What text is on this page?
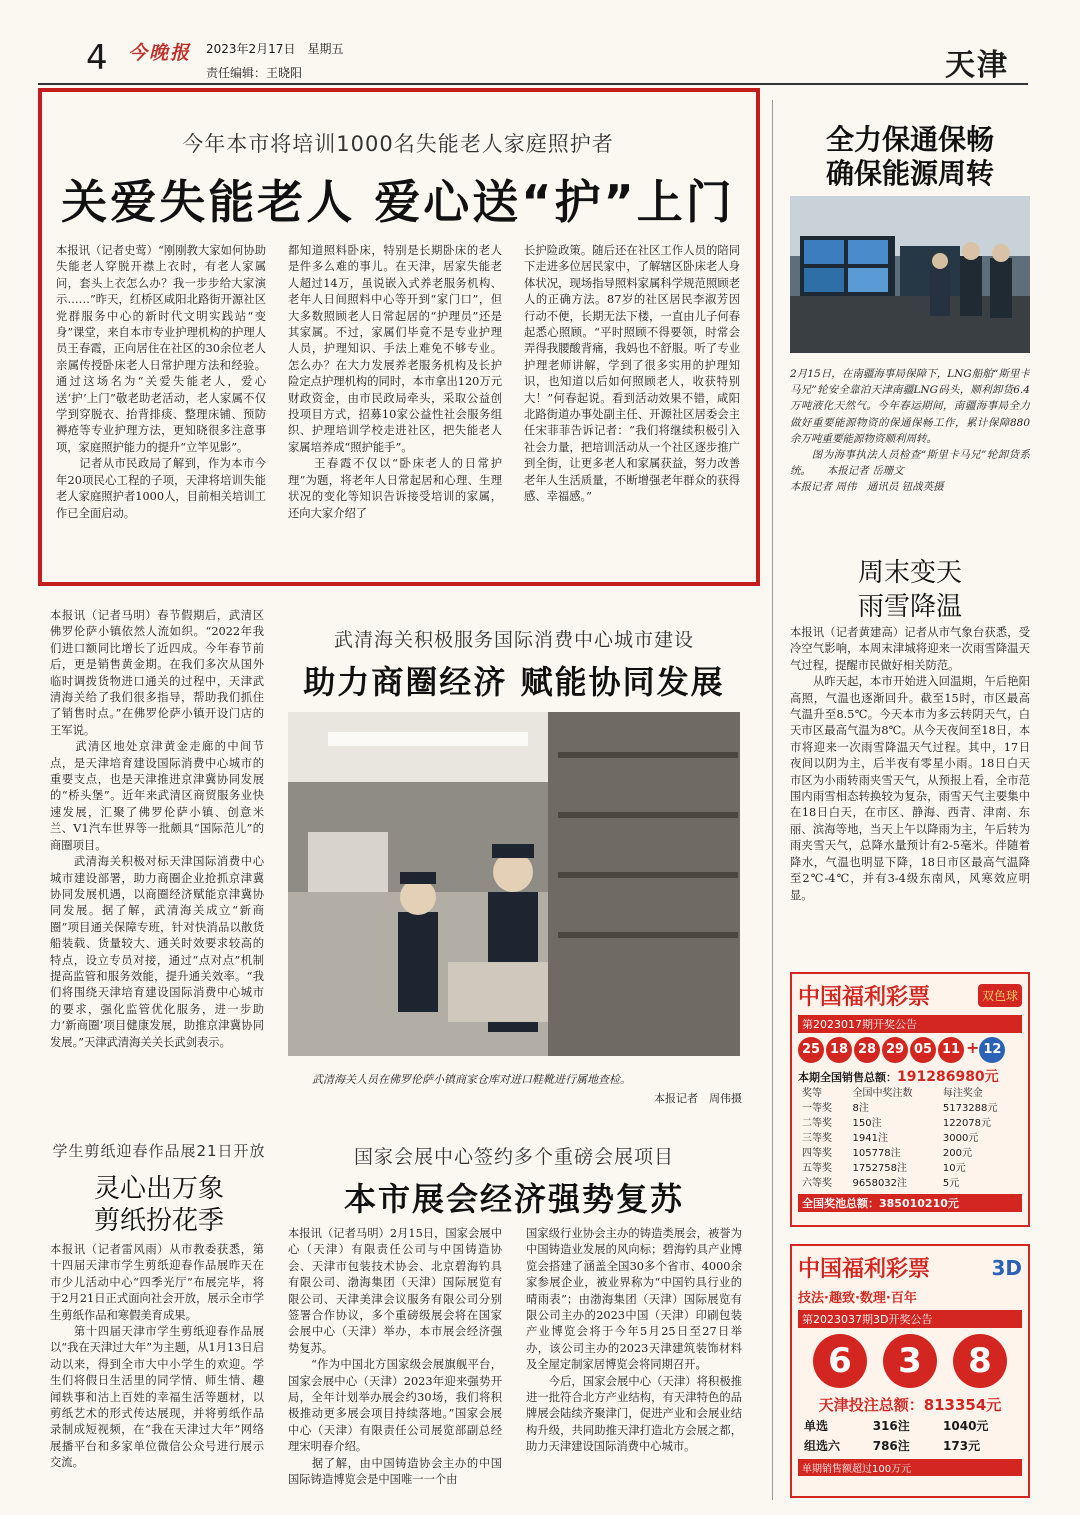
4 今晚报 2023年2月17日　星期五
责任编辑：王晓阳	天津
今年本市将培训1000名失能老人家庭照护者
关爱失能老人 爱心送“护”上门
本报讯（记者史莺）“刚刚教大家如何协助失能老人穿脱开襟上衣时，有老人家属问，套头上衣怎么办？我一步步给大家演示……”昨天，红桥区咸阳北路街开源社区党群服务中心的新时代文明实践站“变身”课堂，来自本市专业护理机构的护理人员王春霞，正向居住在社区的30余位老人亲属传授卧床老人日常护理方法和经验。通过这场名为“关爱失能老人，爱心送‘护’上门”敬老助老活动，老人家属不仅学到穿脱衣、抬背排痰、整理床铺、预防褥疮等专业护理方法，更知晓很多注意事项，家庭照护能力的提升“立竿见影”。
　　记者从市民政局了解到，作为本市今年20项民心工程的子项，天津将培训失能老人家庭照护者1000人，目前相关培训工作已全面启动。
都知道照料卧床，特别是长期卧床的老人是件多么难的事儿。在天津，居家失能老人超过14万，虽说嵌入式养老服务机构、老年人日间照料中心等开到“家门口”，但大多数照顾老人日常起居的“护理员”还是其家属。不过，家属们毕竟不是专业护理人员，护理知识、手法上难免不够专业。怎么办？在大力发展养老服务机构及长护险定点护理机构的同时，本市拿出120万元财政资金，由市民政局牵头，采取公益创投项目方式，招募10家公益性社会服务组织、护理培训学校走进社区，把失能老人家属培养成“照护能手”。
　　王春霞不仅以“卧床老人的日常护理”为题，将老年人日常起居和心理、生理状况的变化等知识告诉接受培训的家属，还向大家介绍了
长护险政策。随后还在社区工作人员的陪同下走进多位居民家中，了解辖区卧床老人身体状况，现场指导照料家属科学规范照顾老人的正确方法。87岁的社区居民李淑芳因行动不便，长期无法下楼，一直由儿子何春起悉心照顾。“平时照顾不得要领，时常会弄得我腰酸背痛，我妈也不舒服。听了专业护理老师讲解，学到了很多实用的护理知识，也知道以后如何照顾老人，收获特别大！”何春起说。看到活动效果不错，咸阳北路街道办事处副主任、开源社区居委会主任宋菲菲告诉记者：“我们将继续积极引入社会力量，把培训活动从一个社区逐步推广到全街，让更多老人和家属获益，努力改善老年人生活质量，不断增强老年群众的获得感、幸福感。”
全力保通保畅
确保能源周转
2月15日，在南疆海事局保障下，LNG船舶“斯里卡马兄”轮安全靠泊天津南疆LNG码头，顺利卸货6.4万吨液化天然气。今年春运期间，南疆海事局全力做好重要能源物资的保通保畅工作，累计保障880余万吨重要能源物资顺利周转。
　　图为海事执法人员检查“斯里卡马兄”轮卸货系统。　　本报记者 岳珊文
本报记者 周伟　通讯员 钮战英摄
周末变天
雨雪降温
本报讯（记者黄建高）记者从市气象台获悉，受冷空气影响，本周末津城将迎来一次雨雪降温天气过程，提醒市民做好相关防范。
　　从昨天起，本市开始进入回温期，午后艳阳高照，气温也逐渐回升。截至15时，市区最高气温升至8.5℃。今天本市为多云转阴天气，白天市区最高气温为8℃。从今天夜间至18日，本市将迎来一次雨雪降温天气过程。其中，17日夜间以阴为主，后半夜有零星小雨。18日白天市区为小雨转雨夹雪天气，从预报上看，全市范围内雨雪相态转换较为复杂，雨雪天气主要集中在18日白天，在市区、静海、西青、津南、东丽、滨海等地，当天上午以降雨为主，午后转为雨夹雪天气，总降水量预计有2-5毫米。伴随着降水，气温也明显下降，18日市区最高气温降至2℃-4℃，并有3-4级东南风，风寒效应明显。
中国福利彩票	双色球
第2023017期开奖公告
25 18 28 29 05 11 + 12
本期全国销售总额：191286980元
奖等	全国中奖注数	每注奖金
一等奖	8注	5173288元
二等奖	150注	122078元
三等奖	1941注	3000元
四等奖	105778注	200元
五等奖	1752758注	10元
六等奖	9658032注	5元
全国奖池总额：385010210元
中国福利彩票	3D
技法·趣致·数理·百年
第2023037期3D开奖公告
6 3 8
天津投注总额：813354元
单选	316注	1040元
组选六	786注	173元
单期销售额超过100万元
本报讯（记者马明）春节假期后，武清区佛罗伦萨小镇依然人流如织。“2022年我们进口额同比增长了近四成。今年春节前后，更是销售黄金期。在我们多次从国外临时调拨货物进口通关的过程中，天津武清海关给了我们很多指导，帮助我们抓住了销售时点。”在佛罗伦萨小镇开设门店的王军说。
　　武清区地处京津黄金走廊的中间节点，是天津培育建设国际消费中心城市的重要支点，也是天津推进京津冀协同发展的“桥头堡”。近年来武清区商贸服务业快速发展，汇聚了佛罗伦萨小镇、创意米兰、V1汽车世界等一批颇具“国际范儿”的商圈项目。
　　武清海关积极对标天津国际消费中心城市建设部署，助力商圈企业抢抓京津冀协同发展机遇，以商圈经济赋能京津冀协同发展。据了解，武清海关成立“新商圈”项目通关保障专班，针对快消品以散货船装载、货量较大、通关时效要求较高的特点，设立专员对接，通过“点对点”机制提高监管和服务效能，提升通关效率。“我们将围绕天津培育建设国际消费中心城市的要求，强化监管优化服务，进一步助力‘新商圈’项目健康发展，助推京津冀协同发展。”天津武清海关关长武剑表示。
武清海关积极服务国际消费中心城市建设
助力商圈经济 赋能协同发展
武清海关人员在佛罗伦萨小镇商家仓库对进口鞋靴进行属地查检。
本报记者　周伟摄
学生剪纸迎春作品展21日开放
灵心出万象
剪纸扮花季
本报讯（记者雷风雨）从市教委获悉，第十四届天津市学生剪纸迎春作品展昨天在市少儿活动中心“四季光厅”布展完毕，将于2月21日正式面向社会开放，展示全市学生剪纸作品和寒假美育成果。
　　第十四届天津市学生剪纸迎春作品展以“我在天津过大年”为主题，从1月13日启动以来，得到全市大中小学生的欢迎。学生们将假日生活里的同学情、师生情、趣闻轶事和沽上百姓的幸福生活等题材，以剪纸艺术的形式传达展现，并将剪纸作品录制成短视频，在“我在天津过大年”网络展播平台和多家单位微信公众号进行展示交流。
国家会展中心签约多个重磅会展项目
本市展会经济强势复苏
本报讯（记者马明）2月15日，国家会展中心（天津）有限责任公司与中国铸造协会、天津市包装技术协会、北京碧海钓具有限公司、渤海集团（天津）国际展览有限公司、天津美津会议服务有限公司分别签署合作协议，多个重磅级展会将在国家会展中心（天津）举办，本市展会经济强势复苏。
　　“作为中国北方国家级会展旗舰平台，国家会展中心（天津）2023年迎来强势开局，全年计划举办展会约30场，我们将积极推动更多展会项目持续落地。”国家会展中心（天津）有限责任公司展览部副总经理宋明春介绍。
　　据了解，由中国铸造协会主办的中国国际铸造博览会是中国唯一一个由
国家级行业协会主办的铸造类展会，被誉为中国铸造业发展的风向标；碧海钓具产业博览会搭建了涵盖全国30多个省市、4000余家参展企业，被业界称为“中国钓具行业的晴雨表”；由渤海集团（天津）国际展览有限公司主办的2023中国（天津）印刷包装产业博览会将于今年5月25日至27日举办，该公司主办的2023天津建筑装饰材料及全屋定制家居博览会将同期召开。
　　今后，国家会展中心（天津）将积极推进一批符合北方产业结构，有天津特色的品牌展会陆续齐聚津门，促进产业和会展业结构升级，共同助推天津打造北方会展之都，助力天津建设国际消费中心城市。
